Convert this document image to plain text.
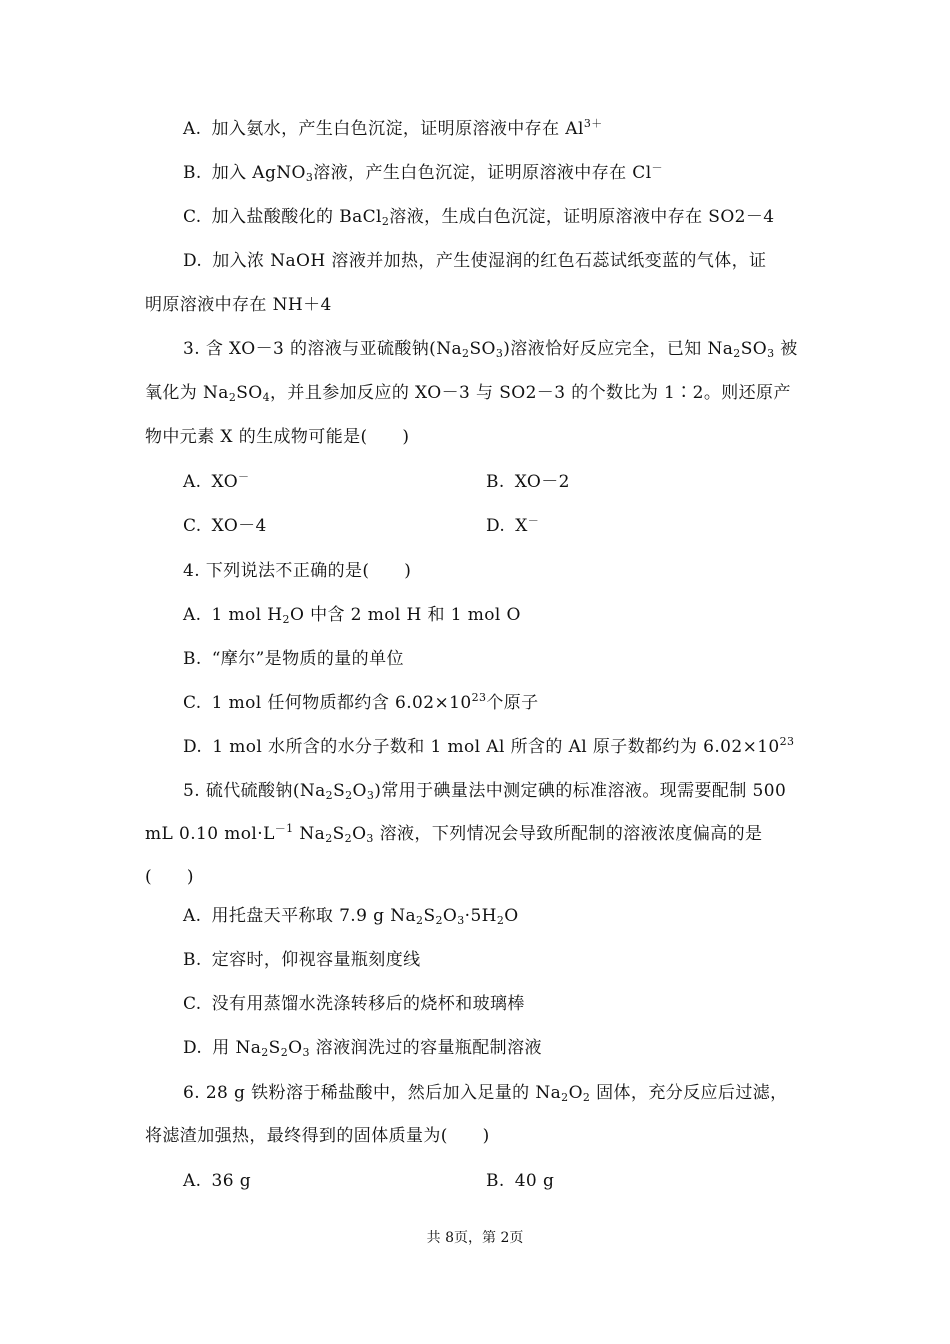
A. 加入氨水，产生白色沉淀，证明原溶液中存在 $Al^{3+}$
B. 加入 AgNO$_3$溶液，产生白色沉淀，证明原溶液中存在 Cl－
C. 加入盐酸酸化的 BaCl$_2$溶液，生成白色沉淀，证明原溶液中存在 SO2－4
D. 加入浓 NaOH 溶液并加热，产生使湿润的红色石蕊试纸变蓝的气体，证
明原溶液中存在 NH＋4
3. 含 XO－3 的溶液与亚硫酸钠$(Na_2SO_3)$溶液恰好反应完全，已知 $Na_2SO_3$ 被
氧化为 $Na_2SO_4$，并且参加反应的 XO－3 与 SO2－3 的个数比为 1∶2。则还原产
物中元素 X 的生成物可能是(　　)
A. XO－	B. XO－2
C. XO－4	D. X－
4. 下列说法不正确的是(　　)
A. 1 mol $H_2O$ 中含 2 mol H 和 1 mol O
B. “摩尔”是物质的量的单位
C. 1 mol 任何物质都约含 $6.02\times 10^{23}$个原子
D. 1 mol 水所含的水分子数和 1 mol Al 所含的 Al 原子数都约为 $6.02\times 10^{23}$
5. 硫代硫酸钠$(Na_2S_2O_3)$常用于碘量法中测定碘的标准溶液。现需要配制 500
mL 0.10 $mol\cdot L^{-1}$ $Na_2S_2O_3$ 溶液，下列情况会导致所配制的溶液浓度偏高的是
(　　)
A. 用托盘天平称取 7.9 g $Na_2S_2O_3\cdot 5H_2O$
B. 定容时，仰视容量瓶刻度线
C. 没有用蒸馏水洗涤转移后的烧杯和玻璃棒
D. 用 $Na_2S_2O_3$ 溶液润洗过的容量瓶配制溶液
6. 28 g 铁粉溶于稀盐酸中，然后加入足量的 $Na_2O_2$ 固体，充分反应后过滤，
将滤渣加强热，最终得到的固体质量为(　　)
A. 36 g	B. 40 g
共 8页，第 2页
